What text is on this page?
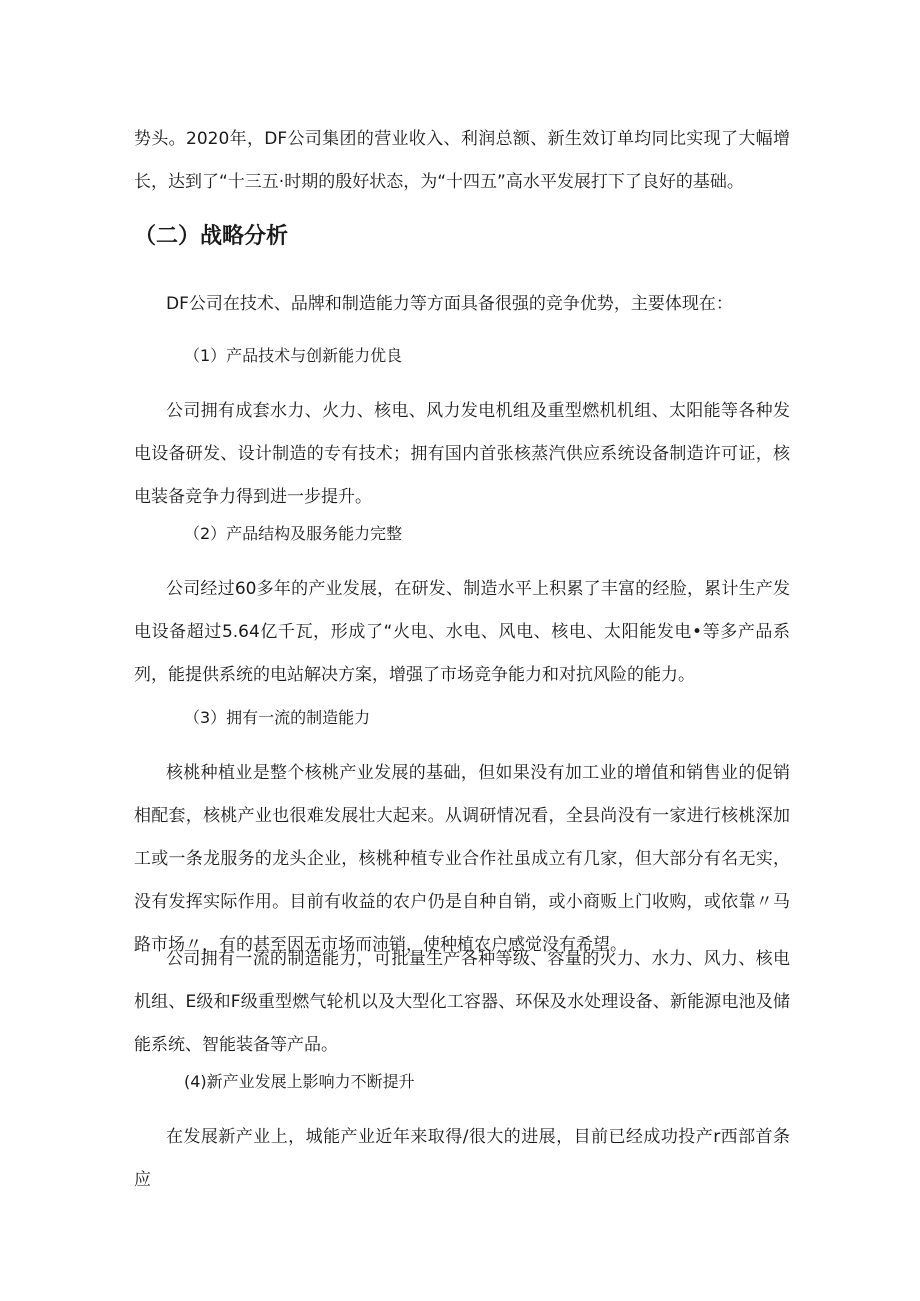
势头。2020年，DF公司集团的营业收入、利润总额、新生效订单均同比实现了大幅增长，达到了“十三五·时期的殷好状态，为“十四五”高水平发展打下了良好的基础。

（二）战略分析

DF公司在技术、品牌和制造能力等方面具备很强的竞争优势，主要体现在：

（1）产品技术与创新能力优良

公司拥有成套水力、火力、核电、风力发电机组及重型燃机机组、太阳能等各种发电设备研发、设计制造的专有技术；拥有国内首张核蒸汽供应系统设备制造许可证，核电装备竞争力得到进一步提升。

（2）产品结构及服务能力完整

公司经过60多年的产业发展，在研发、制造水平上积累了丰富的经脸，累计生产发电设备超过5.64亿千瓦，形成了“火电、水电、风电、核电、太阳能发电•等多产品系列，能提供系统的电站解决方案，增强了市场竞争能力和对抗风险的能力。

（3）拥有一流的制造能力

核桃种植业是整个核桃产业发展的基础，但如果没有加工业的增值和销售业的促销相配套，核桃产业也很难发展壮大起来。从调研情况看，全县尚没有一家进行核桃深加工或一条龙服务的龙头企业，核桃种植专业合作社虽成立有几家，但大部分有名无实，没有发挥实际作用。目前有收益的农户仍是自种自销，或小商贩上门收购，或依靠〃马路市场〃，有的甚至因无市场而沛销，使种植农户感觉没有希望。

公司拥有一流的制造能力，可批量生产各种等级、容量的火力、水力、风力、核电机组、E级和F级重型燃气轮机以及大型化工容器、环保及水处理设备、新能源电池及储能系统、智能装备等产品。

(4)新产业发展上影响力不断提升

在发展新产业上，城能产业近年来取得/很大的进展，目前已经成功投产r西部首条应
